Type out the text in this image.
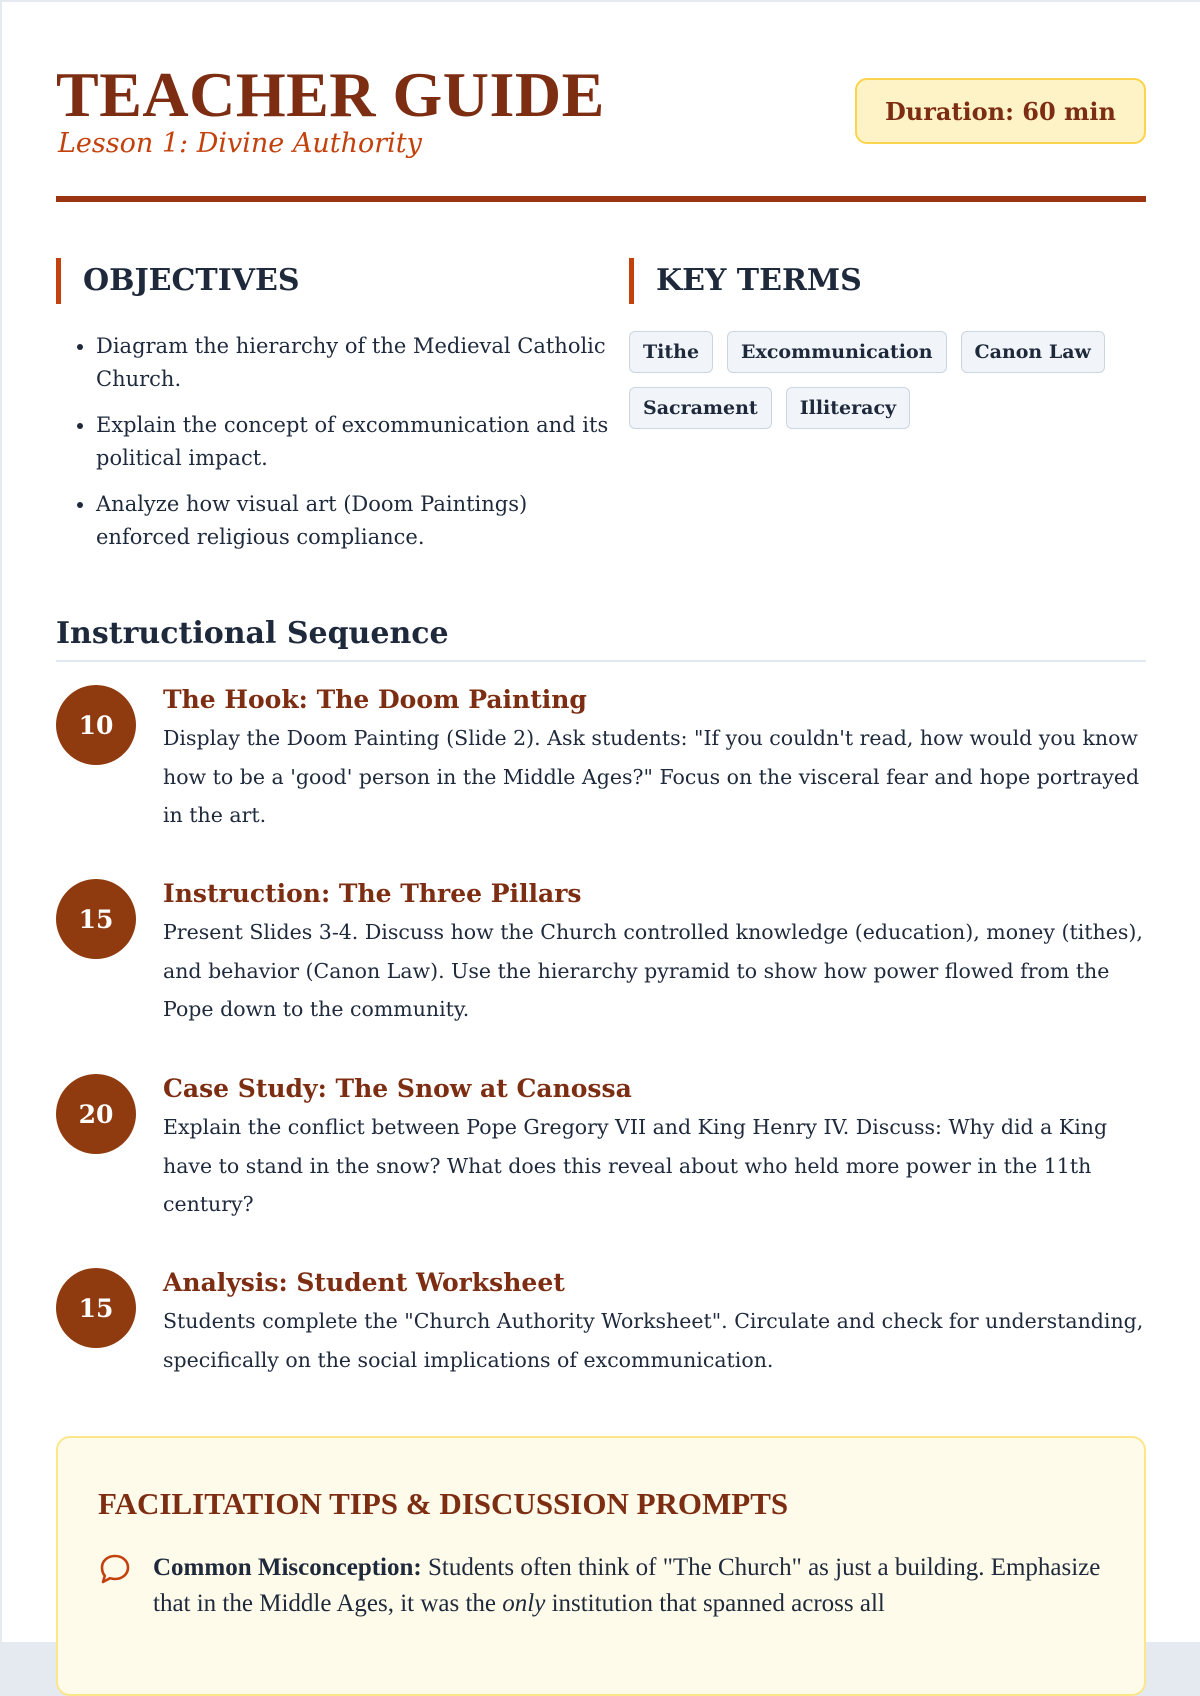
TEACHER GUIDE
Lesson 1: Divine Authority
Duration: 60 min
OBJECTIVES
• Diagram the hierarchy of the Medieval Catholic Church.
• Explain the concept of excommunication and its political impact.
• Analyze how visual art (Doom Paintings) enforced religious compliance.
KEY TERMS
Tithe	Excommunication	Canon Law
Sacrament	Illiteracy
Instructional Sequence
10
The Hook: The Doom Painting
Display the Doom Painting (Slide 2). Ask students: "If you couldn't read, how would you know how to be a 'good' person in the Middle Ages?" Focus on the visceral fear and hope portrayed in the art.
15
Instruction: The Three Pillars
Present Slides 3-4. Discuss how the Church controlled knowledge (education), money (tithes), and behavior (Canon Law). Use the hierarchy pyramid to show how power flowed from the Pope down to the community.
20
Case Study: The Snow at Canossa
Explain the conflict between Pope Gregory VII and King Henry IV. Discuss: Why did a King have to stand in the snow? What does this reveal about who held more power in the 11th century?
15
Analysis: Student Worksheet
Students complete the "Church Authority Worksheet". Circulate and check for understanding, specifically on the social implications of excommunication.
FACILITATION TIPS & DISCUSSION PROMPTS
Common Misconception: Students often think of "The Church" as just a building. Emphasize that in the Middle Ages, it was the only institution that spanned across all
